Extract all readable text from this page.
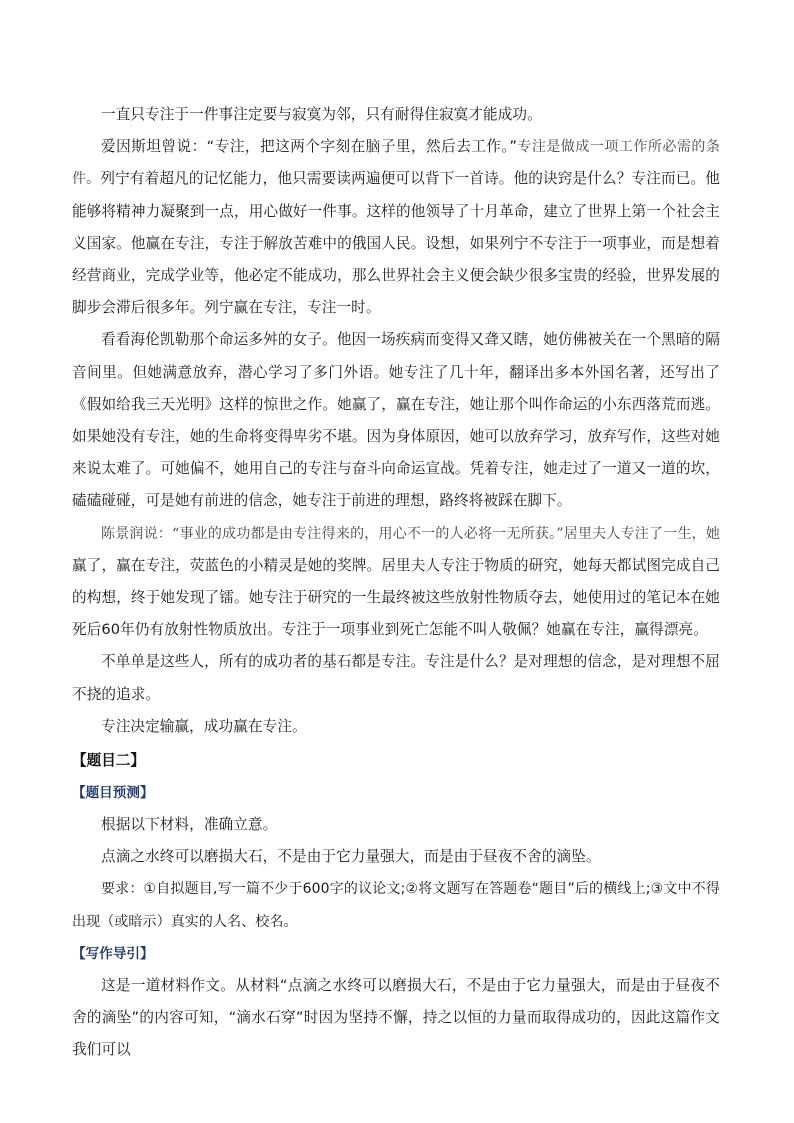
一直只专注于一件事注定要与寂寞为邻，只有耐得住寂寞才能成功。

爱因斯坦曾说：“专注，把这两个字刻在脑子里，然后去工作。”专注是做成一项工作所必需的条件。列宁有着超凡的记忆能力，他只需要读两遍便可以背下一首诗。他的诀窍是什么？专注而已。他能够将精神力凝聚到一点，用心做好一件事。这样的他领导了十月革命，建立了世界上第一个社会主义国家。他赢在专注，专注于解放苦难中的俄国人民。设想，如果列宁不专注于一项事业，而是想着经营商业，完成学业等，他必定不能成功，那么世界社会主义便会缺少很多宝贵的经验，世界发展的脚步会滞后很多年。列宁赢在专注，专注一时。

看看海伦凯勒那个命运多舛的女子。他因一场疾病而变得又聋又瞎，她仿佛被关在一个黑暗的隔音间里。但她满意放弃，潜心学习了多门外语。她专注了几十年，翻译出多本外国名著，还写出了《假如给我三天光明》这样的惊世之作。她赢了，赢在专注，她让那个叫作命运的小东西落荒而逃。如果她没有专注，她的生命将变得卑劣不堪。因为身体原因，她可以放弃学习，放弃写作，这些对她来说太难了。可她偏不，她用自己的专注与奋斗向命运宣战。凭着专注，她走过了一道又一道的坎，磕磕碰碰，可是她有前进的信念，她专注于前进的理想，路终将被踩在脚下。

陈景润说：“事业的成功都是由专注得来的，用心不一的人必将一无所获。”居里夫人专注了一生，她赢了，赢在专注，荧蓝色的小精灵是她的奖牌。居里夫人专注于物质的研究，她每天都试图完成自己的构想，终于她发现了镭。她专注于研究的一生最终被这些放射性物质夺去，她使用过的笔记本在她死后60年仍有放射性物质放出。专注于一项事业到死亡怎能不叫人敬佩？她赢在专注，赢得漂亮。

不单单是这些人，所有的成功者的基石都是专注。专注是什么？是对理想的信念，是对理想不屈不挠的追求。

专注决定输赢，成功赢在专注。

【题目二】
【题目预测】

根据以下材料，准确立意。

点滴之水终可以磨损大石，不是由于它力量强大，而是由于昼夜不舍的滴坠。

要求：①自拟题目,写一篇不少于600字的议论文;②将文题写在答题卷“题目”后的横线上;③文中不得出现（或暗示）真实的人名、校名。

【写作导引】

这是一道材料作文。从材料“点滴之水终可以磨损大石，不是由于它力量强大，而是由于昼夜不舍的滴坠”的内容可知，“滴水石穿”时因为坚持不懈，持之以恒的力量而取得成功的，因此这篇作文我们可以
